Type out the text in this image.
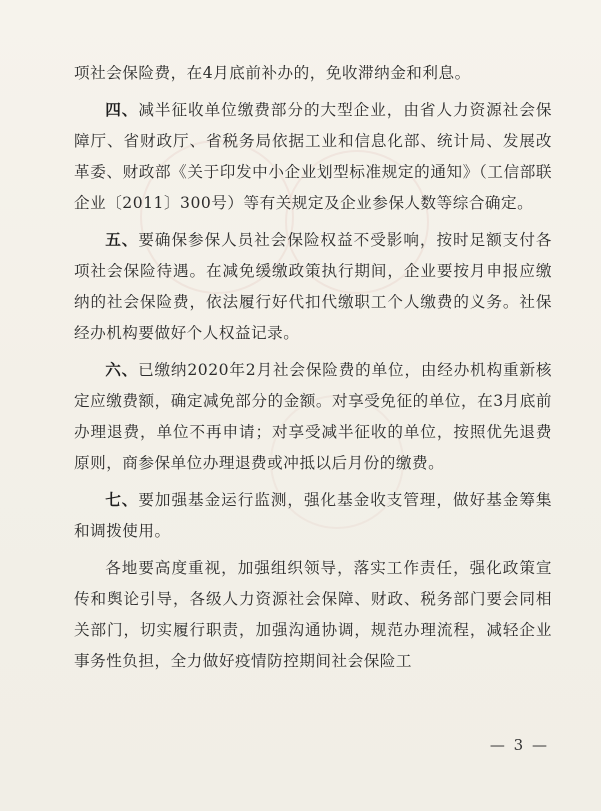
项社会保险费，在4月底前补办的，免收滞纳金和利息。

四、减半征收单位缴费部分的大型企业，由省人力资源社会保障厅、省财政厅、省税务局依据工业和信息化部、统计局、发展改革委、财政部《关于印发中小企业划型标准规定的通知》（工信部联企业〔2011〕300号）等有关规定及企业参保人数等综合确定。

五、要确保参保人员社会保险权益不受影响，按时足额支付各项社会保险待遇。在减免缓缴政策执行期间，企业要按月申报应缴纳的社会保险费，依法履行好代扣代缴职工个人缴费的义务。社保经办机构要做好个人权益记录。

六、已缴纳2020年2月社会保险费的单位，由经办机构重新核定应缴费额，确定减免部分的金额。对享受免征的单位，在3月底前办理退费，单位不再申请；对享受减半征收的单位，按照优先退费原则，商参保单位办理退费或冲抵以后月份的缴费。

七、要加强基金运行监测，强化基金收支管理，做好基金筹集和调拨使用。

各地要高度重视，加强组织领导，落实工作责任，强化政策宣传和舆论引导，各级人力资源社会保障、财政、税务部门要会同相关部门，切实履行职责，加强沟通协调，规范办理流程，减轻企业事务性负担，全力做好疫情防控期间社会保险工

— 3 —
